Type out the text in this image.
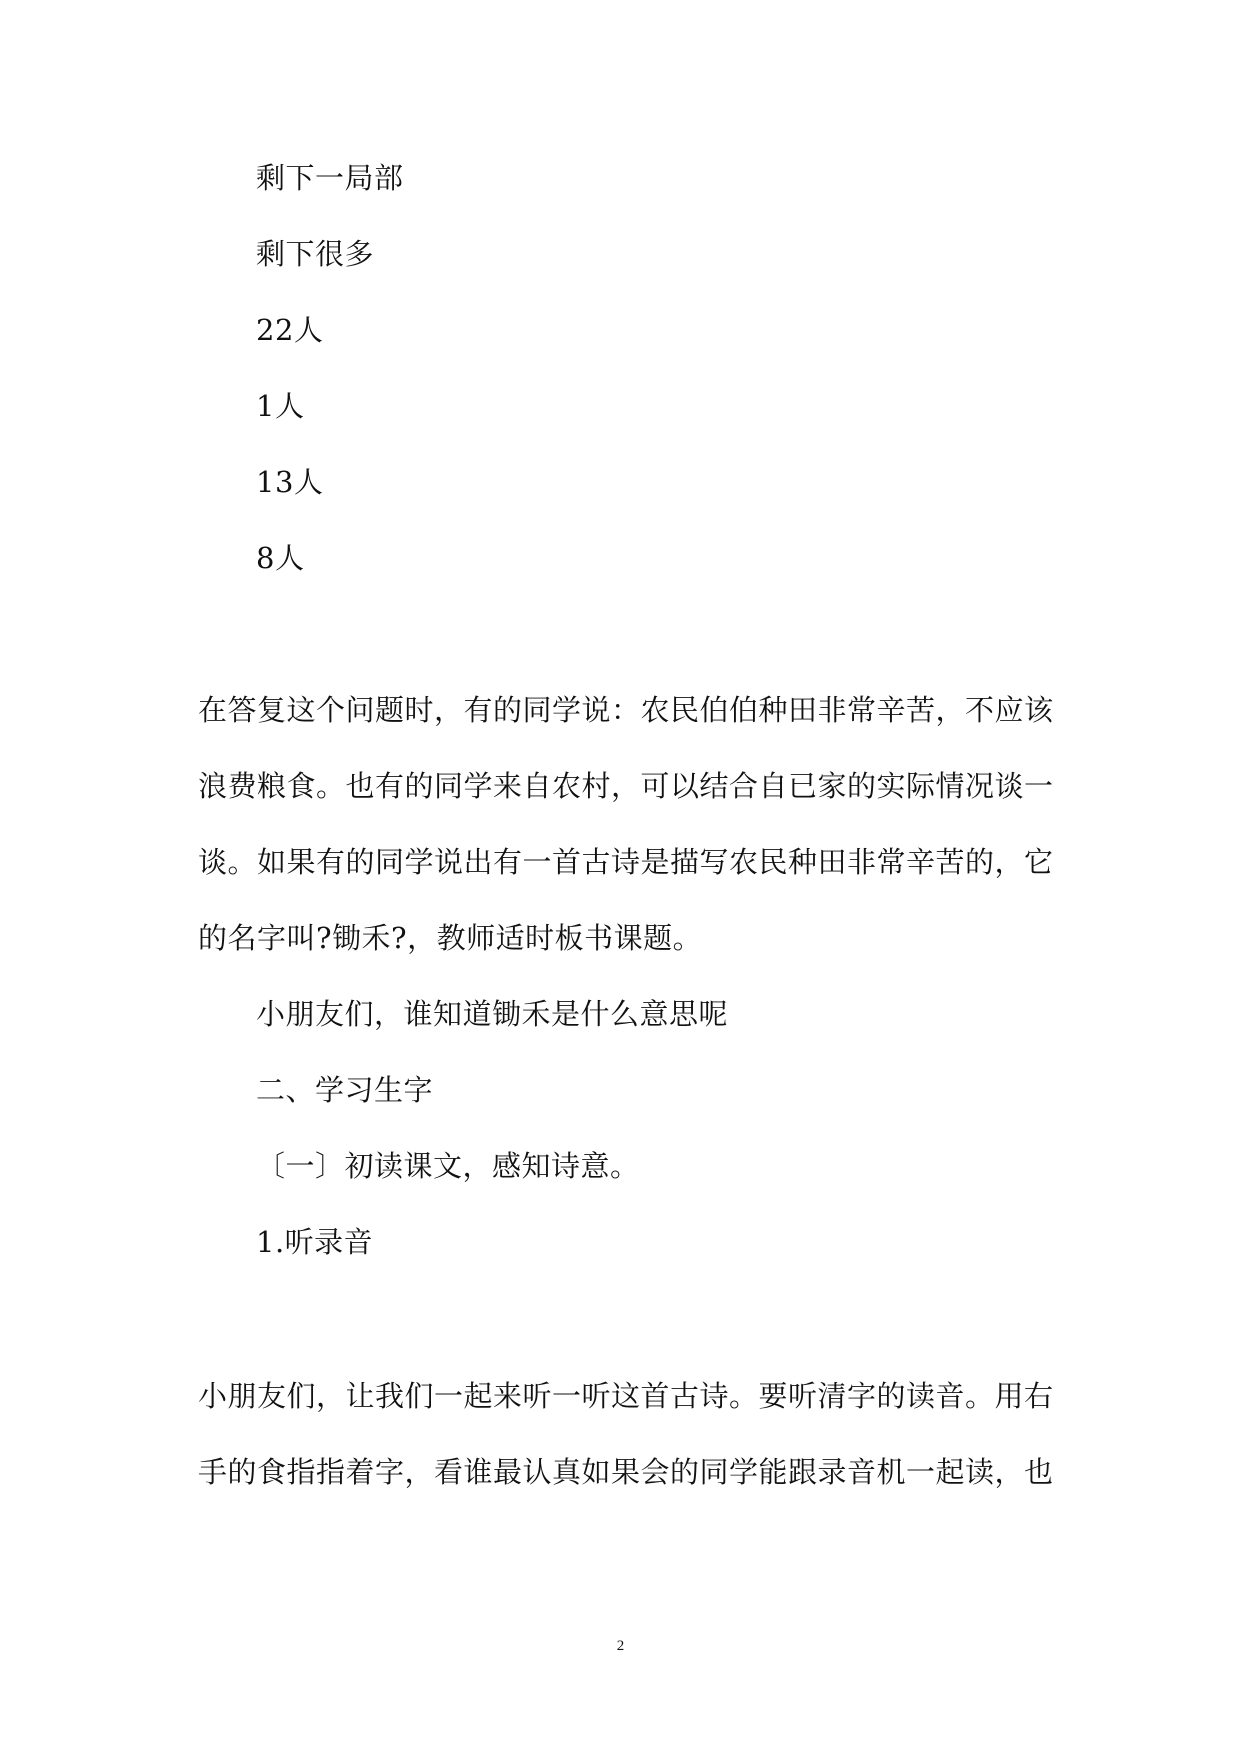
剩下一局部
剩下很多
22人
1人
13人
8人
在答复这个问题时，有的同学说：农民伯伯种田非常辛苦，不应该
浪费粮食。也有的同学来自农村，可以结合自已家的实际情况谈一
谈。如果有的同学说出有一首古诗是描写农民种田非常辛苦的，它
的名字叫?锄禾?，教师适时板书课题。
小朋友们，谁知道锄禾是什么意思呢
二、学习生字
〔一〕初读课文，感知诗意。
1.听录音
小朋友们，让我们一起来听一听这首古诗。要听清字的读音。用右
手的食指指着字，看谁最认真如果会的同学能跟录音机一起读，也
2
